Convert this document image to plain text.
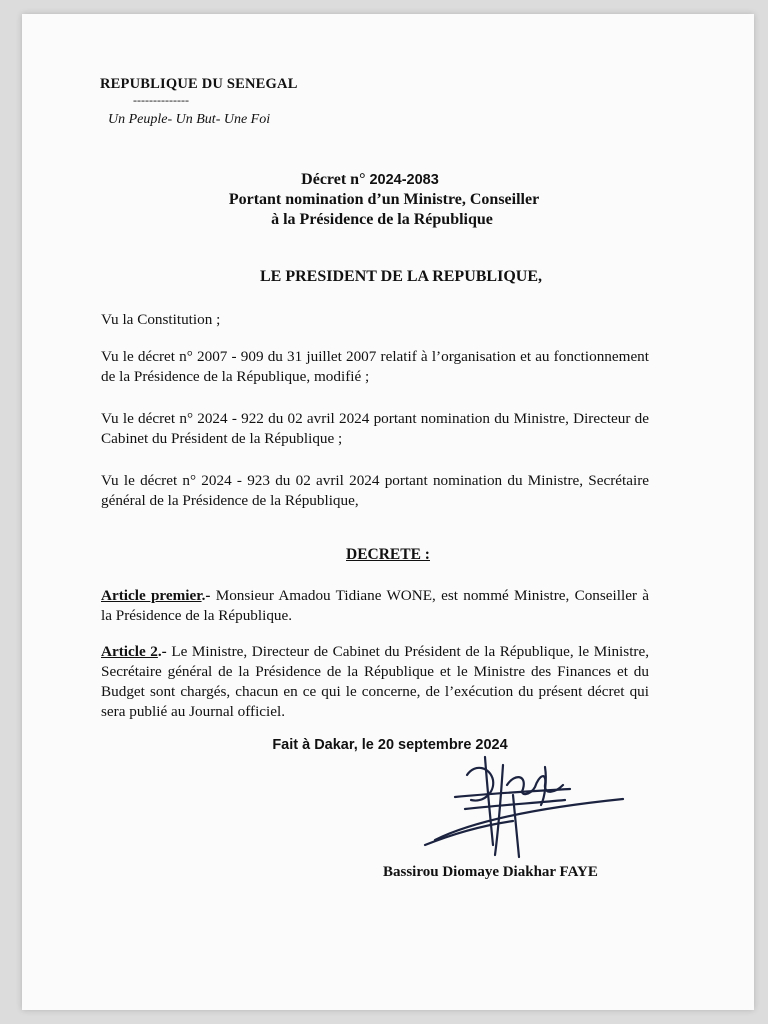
REPUBLIQUE DU SENEGAL
--------------
Un Peuple- Un But- Une Foi
Décret n° 2024-2083
Portant nomination d’un Ministre, Conseiller
à la Présidence de la République
LE PRESIDENT DE LA REPUBLIQUE,
Vu la Constitution ;
Vu le décret n° 2007 - 909 du 31 juillet 2007 relatif à l’organisation et au fonctionnement de la Présidence de la République, modifié ;
Vu le décret n° 2024 - 922 du 02 avril 2024 portant nomination du Ministre, Directeur de Cabinet du Président de la République ;
Vu le décret n° 2024 - 923 du 02 avril 2024 portant nomination du Ministre, Secrétaire général de la Présidence de la République,
DECRETE :
Article premier.- Monsieur Amadou Tidiane WONE, est nommé Ministre, Conseiller à la Présidence de la République.
Article 2.- Le Ministre, Directeur de Cabinet du Président de la République, le Ministre, Secrétaire général de la Présidence de la République et le Ministre des Finances et du Budget sont chargés, chacun en ce qui le concerne, de l’exécution du présent décret qui sera publié au Journal officiel.
Fait à Dakar, le 20 septembre 2024
Bassirou Diomaye Diakhar FAYE
